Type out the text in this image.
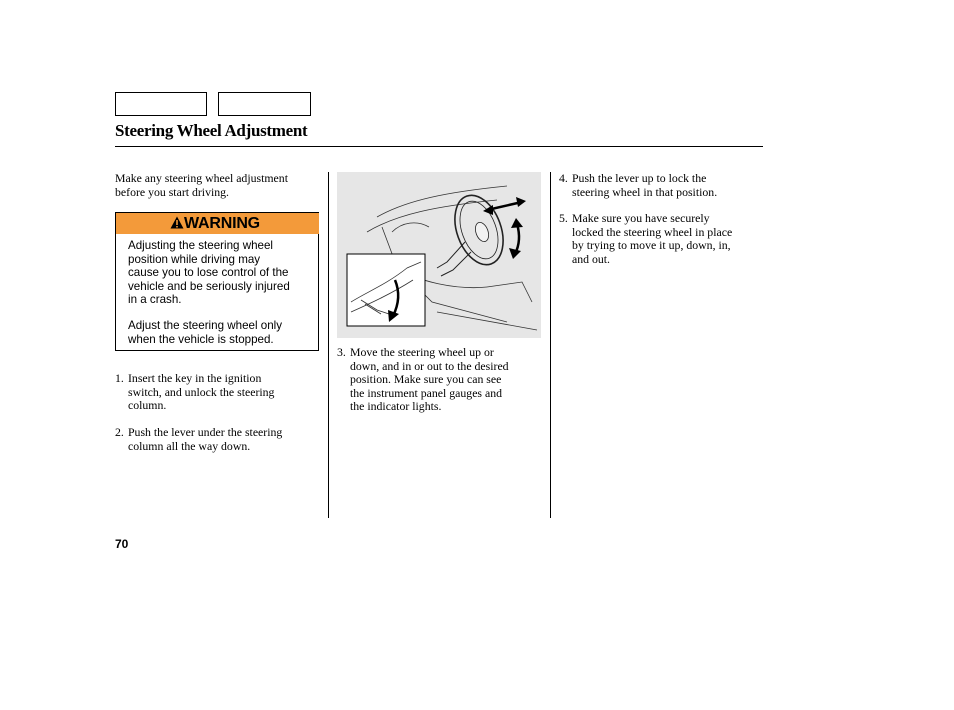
Steering Wheel Adjustment
Make any steering wheel adjustment
before you start driving.
WARNING
Adjusting the steering wheel
position while driving may
cause you to lose control of the
vehicle and be seriously injured
in a crash.
Adjust the steering wheel only
when the vehicle is stopped.
1. Insert the key in the ignition
switch, and unlock the steering
column.
2. Push the lever under the steering
column all the way down.
3. Move the steering wheel up or
down, and in or out to the desired
position. Make sure you can see
the instrument panel gauges and
the indicator lights.
4. Push the lever up to lock the
steering wheel in that position.
5. Make sure you have securely
locked the steering wheel in place
by trying to move it up, down, in,
and out.
70
